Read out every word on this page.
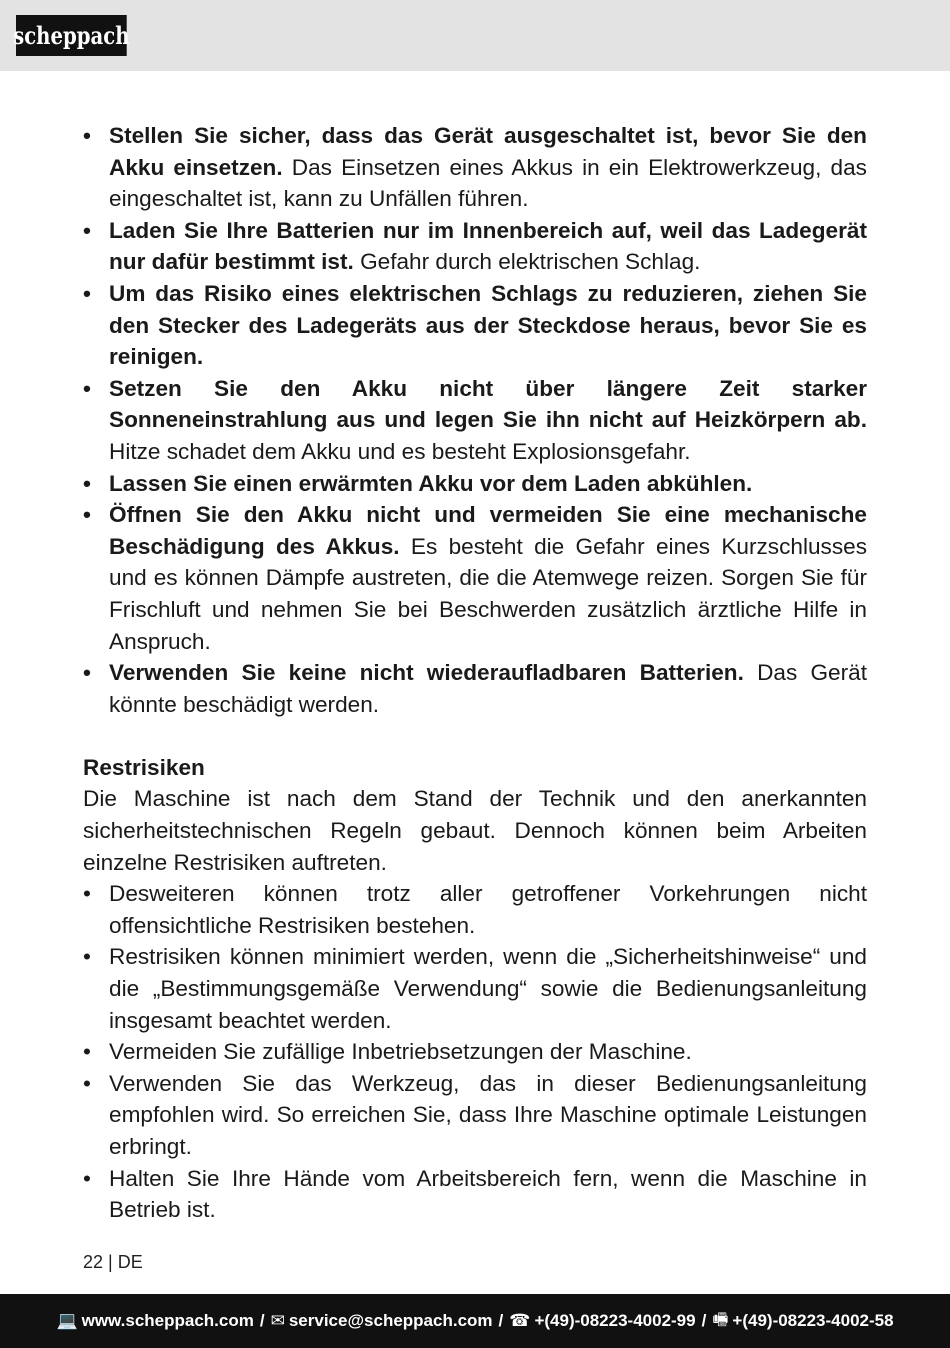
scheppach
• Stellen Sie sicher, dass das Gerät ausgeschaltet ist, bevor Sie den Akku einsetzen. Das Einsetzen eines Akkus in ein Elektrowerkzeug, das eingeschaltet ist, kann zu Unfällen führen.
• Laden Sie Ihre Batterien nur im Innenbereich auf, weil das Ladegerät nur dafür bestimmt ist. Gefahr durch elektrischen Schlag.
• Um das Risiko eines elektrischen Schlags zu reduzieren, ziehen Sie den Stecker des Ladegeräts aus der Steckdose heraus, bevor Sie es reinigen.
• Setzen Sie den Akku nicht über längere Zeit starker Sonneneinstrahlung aus und legen Sie ihn nicht auf Heizkörpern ab. Hitze schadet dem Akku und es besteht Explosionsgefahr.
• Lassen Sie einen erwärmten Akku vor dem Laden abkühlen.
• Öffnen Sie den Akku nicht und vermeiden Sie eine mechanische Beschädigung des Akkus. Es besteht die Gefahr eines Kurzschlusses und es können Dämpfe austreten, die die Atemwege reizen. Sorgen Sie für Frischluft und nehmen Sie bei Beschwerden zusätzlich ärztliche Hilfe in Anspruch.
• Verwenden Sie keine nicht wiederaufladbaren Batterien. Das Gerät könnte beschädigt werden.
Restrisiken
Die Maschine ist nach dem Stand der Technik und den anerkannten sicherheitstechnischen Regeln gebaut. Dennoch können beim Arbeiten einzelne Restrisiken auftreten.
• Desweiteren können trotz aller getroffener Vorkehrungen nicht offensichtliche Restrisiken bestehen.
• Restrisiken können minimiert werden, wenn die „Sicherheitshinweise“ und die „Bestimmungsgemäße Verwendung“ sowie die Bedienungsanleitung insgesamt beachtet werden.
• Vermeiden Sie zufällige Inbetriebsetzungen der Maschine.
• Verwenden Sie das Werkzeug, das in dieser Bedienungsanleitung empfohlen wird. So erreichen Sie, dass Ihre Maschine optimale Leistungen erbringt.
• Halten Sie Ihre Hände vom Arbeitsbereich fern, wenn die Maschine in Betrieb ist.
22 | DE
💻 www.scheppach.com / ✉ service@scheppach.com / ☎ +(49)-08223-4002-99 / 🖷 +(49)-08223-4002-58
